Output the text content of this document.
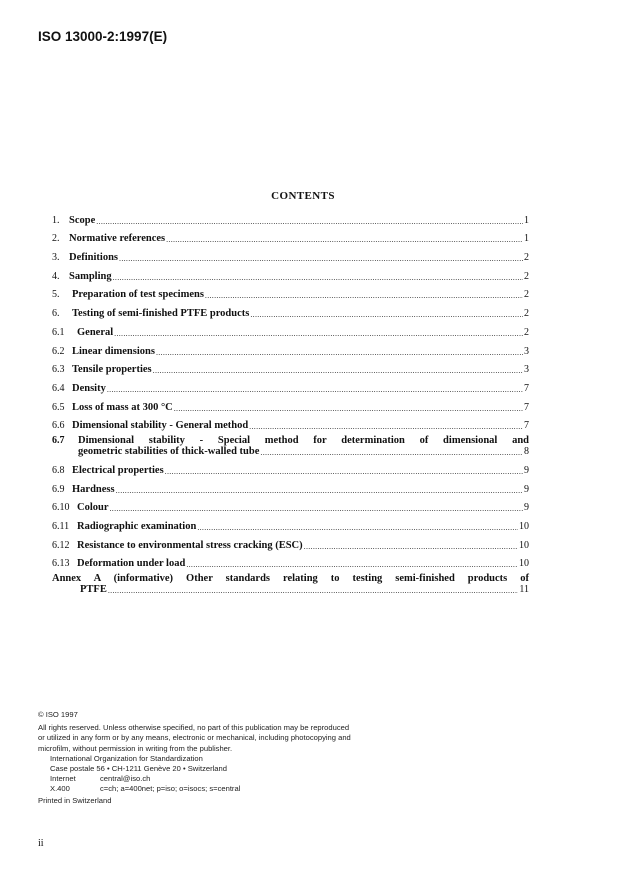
ISO 13000-2:1997(E)
CONTENTS
1. Scope .....	1
2. Normative references .....	1
3. Definitions .....	2
4. Sampling .....	2
5.	Preparation of test specimens .....	2
6.	Testing of semi-finished PTFE products .....	2
6.1	General .....	2
6.2 Linear dimensions .....	3
6.3 Tensile properties .....	3
6.4 Density .....	7
6.5 Loss of mass at 300 °C .....	7
6.6 Dimensional stability - General method .....	7
6.7	Dimensional stability - Special method for determination of dimensional and
geometric stabilities of thick-walled tube .....	8
6.8 Electrical properties .....	9
6.9 Hardness .....	9
6.10 Colour .....	9
6.11 Radiographic examination .....	10
6.12 Resistance to environmental stress cracking (ESC) .....	10
6.13 Deformation under load .....	10
Annex A (informative) Other standards relating to testing semi-finished products of
PTFE .....	11
© ISO 1997
All rights reserved. Unless otherwise specified, no part of this publication may be reproduced
or utilized in any form or by any means, electronic or mechanical, including photocopying and
microfilm, without permission in writing from the publisher.
International Organization for Standardization
Case postale 56 • CH-1211 Genève 20 • Switzerland
Internet	central@iso.ch
X.400	c=ch; a=400net; p=iso; o=isocs; s=central
Printed in Switzerland
ii
